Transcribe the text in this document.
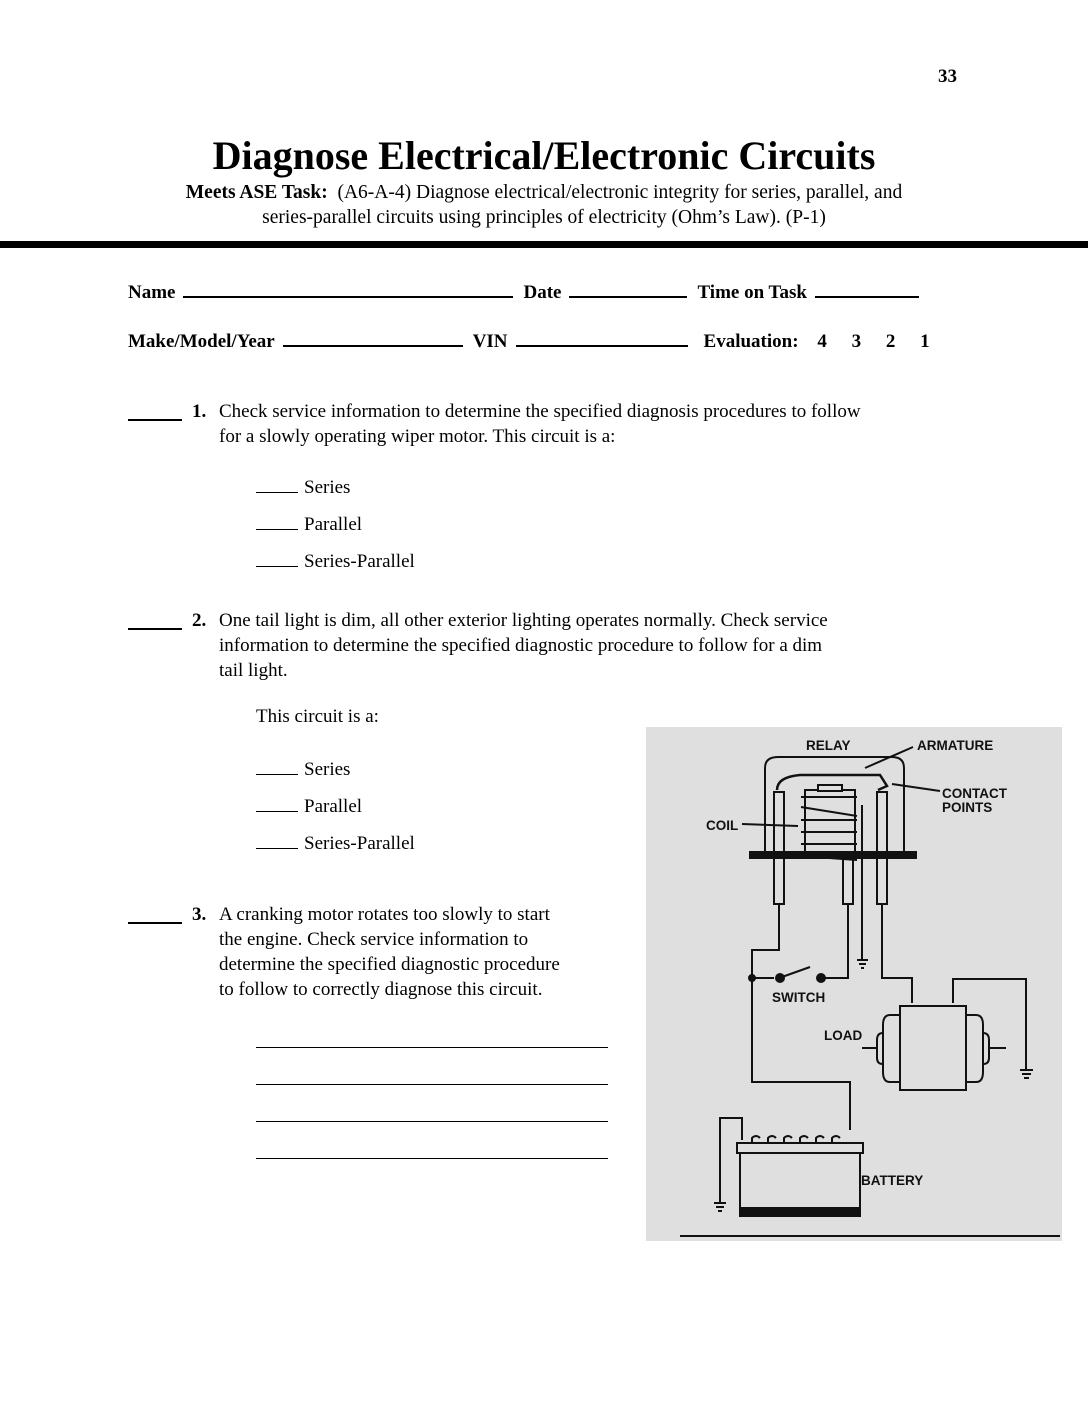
33
Diagnose Electrical/Electronic Circuits
Meets ASE Task: (A6-A-4) Diagnose electrical/electronic integrity for series, parallel, and
series-parallel circuits using principles of electricity (Ohm’s Law). (P-1)
Name	Date	Time on Task
Make/Model/Year	VIN	Evaluation: 4 3 2 1
1. Check service information to determine the specified diagnosis procedures to follow
for a slowly operating wiper motor. This circuit is a:
Series
Parallel
Series-Parallel
2. One tail light is dim, all other exterior lighting operates normally. Check service
information to determine the specified diagnostic procedure to follow for a dim
tail light.
This circuit is a:
Series
Parallel
Series-Parallel
3. A cranking motor rotates too slowly to start
the engine. Check service information to
determine the specified diagnostic procedure
to follow to correctly diagnose this circuit.
RELAY	ARMATURE
CONTACT
POINTS
COIL
SWITCH
LOAD
BATTERY
